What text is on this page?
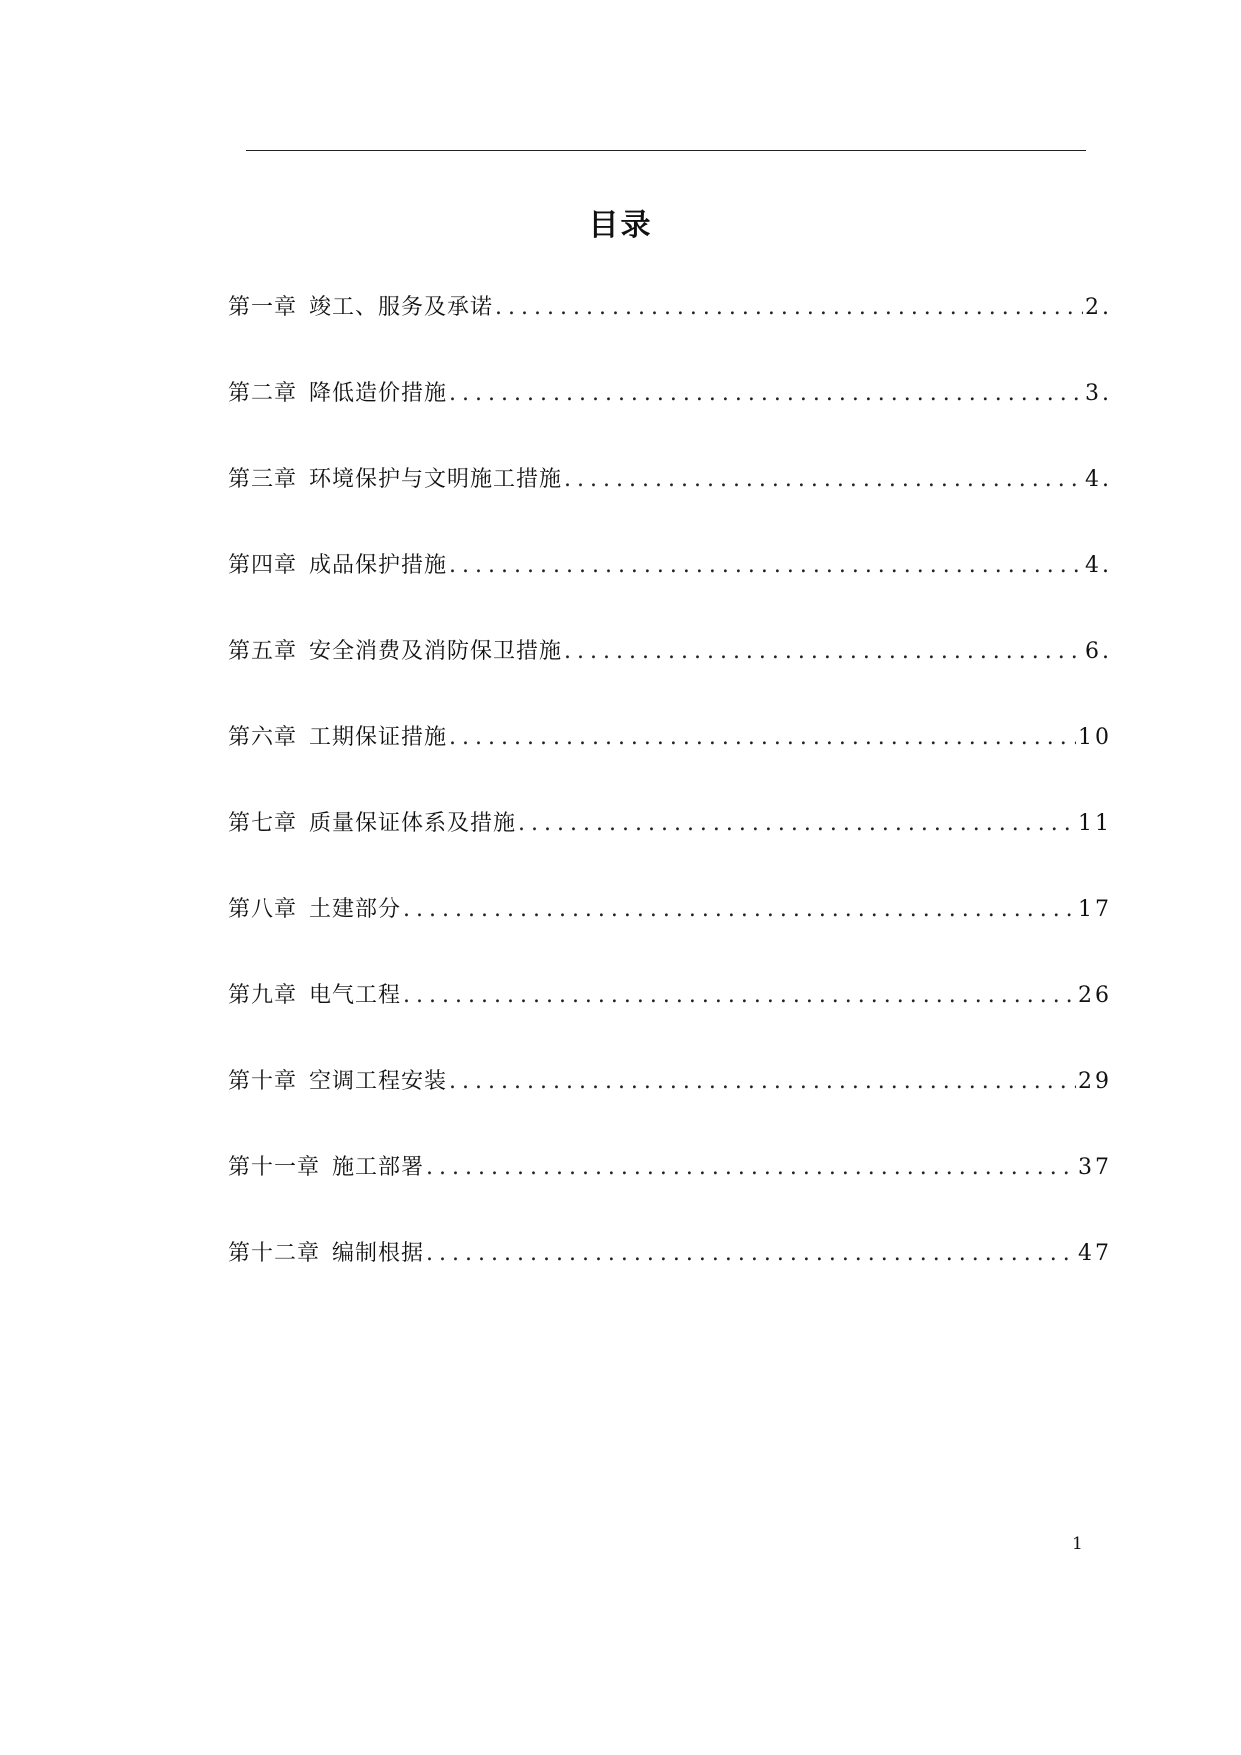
目录
第一章 竣工、服务及承诺 .....	2.
第二章 降低造价措施 .....	3.
第三章 环境保护与文明施工措施 .....	4.
第四章 成品保护措施 .....	4.
第五章 安全消费及消防保卫措施 .....	6.
第六章 工期保证措施 .....	10
第七章 质量保证体系及措施 .....	11
第八章 土建部分 .....	17
第九章 电气工程 .....	26
第十章 空调工程安装 .....	29
第十一章 施工部署 .....	37
第十二章 编制根据 .....	47
1
